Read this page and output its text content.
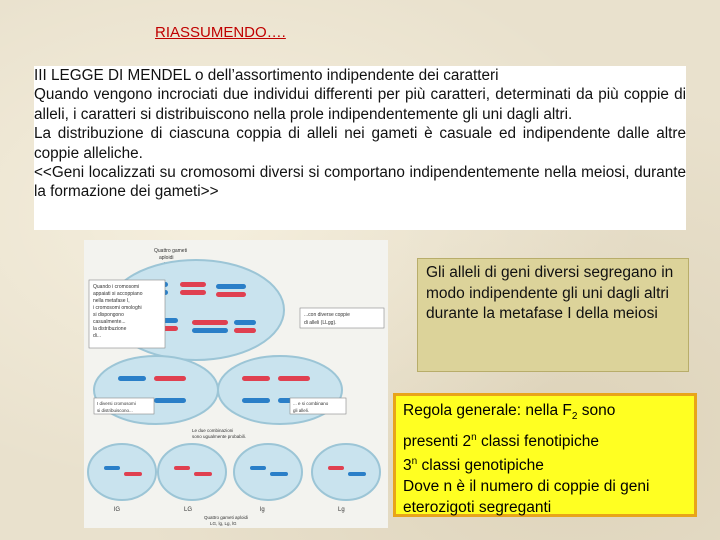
RIASSUMENDO….

III LEGGE DI MENDEL o dell’assortimento indipendente dei caratteri

Quando vengono incrociati due individui differenti per più caratteri, determinati da più coppie di alleli, i caratteri si distribuiscono nella prole indipendentemente gli uni dagli altri.

La distribuzione di ciascuna coppia di alleli nei gameti è casuale ed indipendente dalle altre coppie alleliche.

<<Geni localizzati su cromosomi diversi si comportano indipendentemente nella meiosi, durante la formazione dei gameti>>

Quattro gameti
aploidi
Quando i cromosomi
appaiati si accoppiano
nella metafase I,
i cromosomi omologhi
si dispongono
casualmente...
la distribuzione
di...
...con diverse coppie
di alleli (LLgg).
I diversi cromosomi
si distribuiscono...
... e si combinano
gli alleli.
Le due combinazioni
sono ugualmente probabili.
lG	LG	lg	Lg
Quattro gameti aploidi
LG, lg, Lg, lG
Gli alleli di geni diversi segregano in modo indipendente gli uni dagli altri durante la metafase I della meiosi
Regola generale: nella $F_2$ sono
presenti 2$^n$ classi fenotipiche
3$^n$ classi genotipiche
Dove n è il numero di coppie di geni eterozigoti segreganti
